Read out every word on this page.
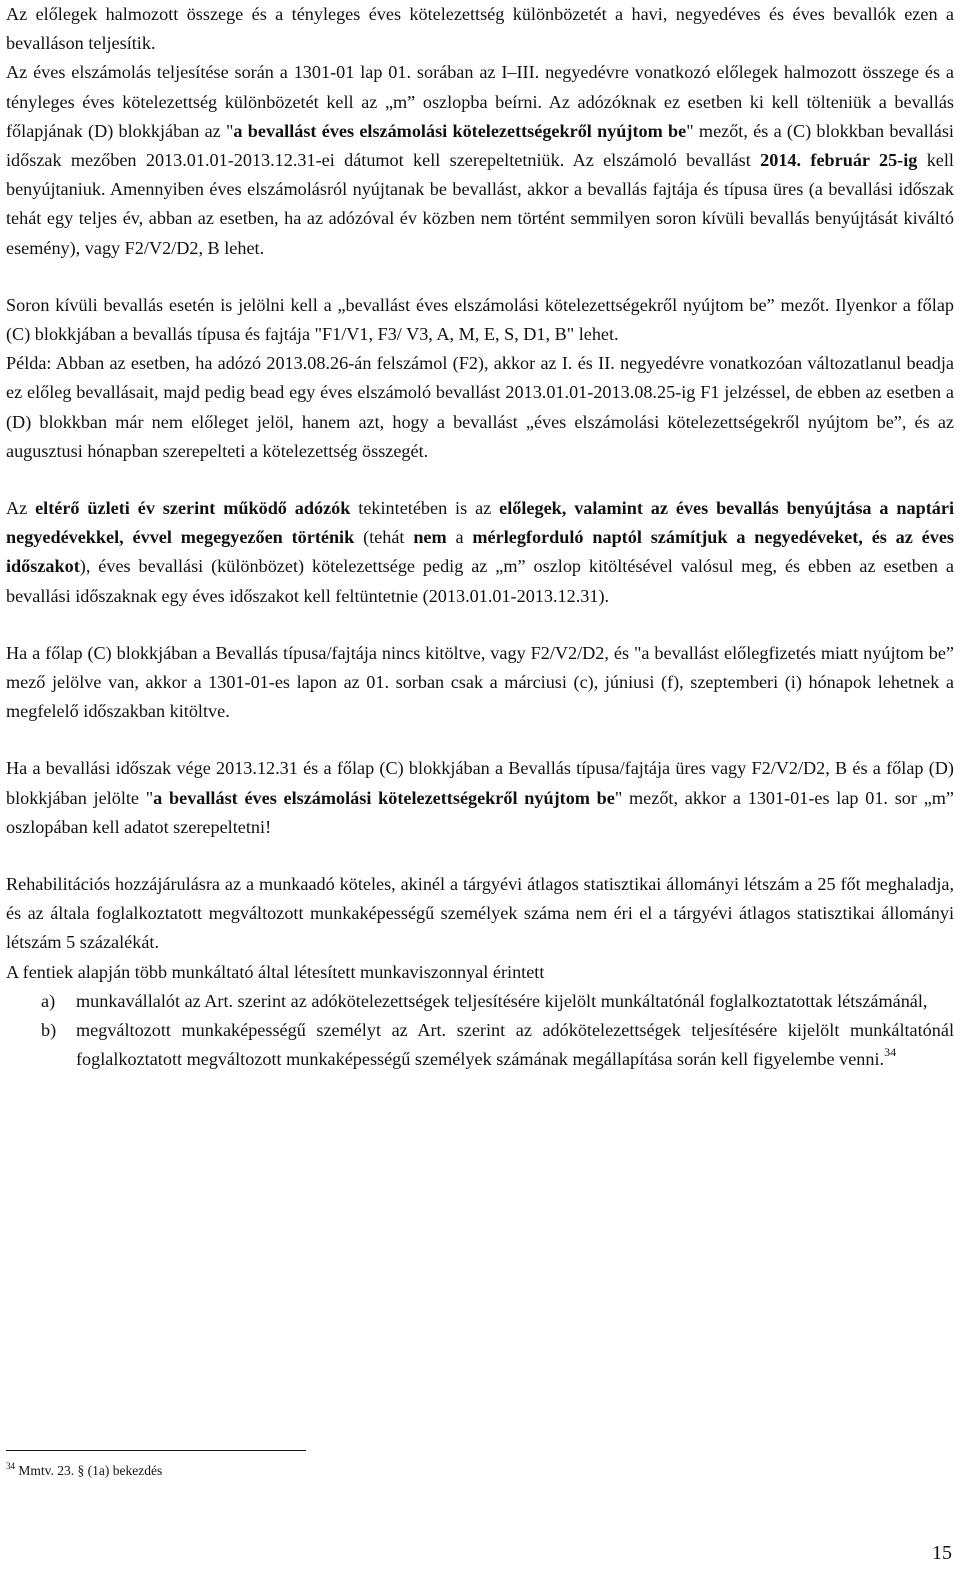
Az előlegek halmozott összege és a tényleges éves kötelezettség különbözetét a havi, negyedéves és éves bevallók ezen a bevalláson teljesítik.
Az éves elszámolás teljesítése során a 1301-01 lap 01. sorában az I–III. negyedévre vonatkozó előlegek halmozott összege és a tényleges éves kötelezettség különbözetét kell az „m” oszlopba beírni. Az adózóknak ez esetben ki kell tölteniük a bevallás főlapjának (D) blokkjában az "a bevallást éves elszámolási kötelezettségekről nyújtom be" mezőt, és a (C) blokkban bevallási időszak mezőben 2013.01.01-2013.12.31-ei dátumot kell szerepeltetniük. Az elszámoló bevallást 2014. február 25-ig kell benyújtaniuk. Amennyiben éves elszámolásról nyújtanak be bevallást, akkor a bevallás fajtája és típusa üres (a bevallási időszak tehát egy teljes év, abban az esetben, ha az adózóval év közben nem történt semmilyen soron kívüli bevallás benyújtását kiváltó esemény), vagy F2/V2/D2, B lehet.

Soron kívüli bevallás esetén is jelölni kell a „bevallást éves elszámolási kötelezettségekről nyújtom be” mezőt. Ilyenkor a főlap (C) blokkjában a bevallás típusa és fajtája "F1/V1, F3/ V3, A, M, E, S, D1, B" lehet.

Példa: Abban az esetben, ha adózó 2013.08.26-án felszámol (F2), akkor az I. és II. negyedévre vonatkozóan változatlanul beadja ez előleg bevallásait, majd pedig bead egy éves elszámoló bevallást 2013.01.01-2013.08.25-ig F1 jelzéssel, de ebben az esetben a (D) blokkban már nem előleget jelöl, hanem azt, hogy a bevallást „éves elszámolási kötelezettségekről nyújtom be”, és az augusztusi hónapban szerepelteti a kötelezettség összegét.

Az eltérő üzleti év szerint működő adózók tekintetében is az előlegek, valamint az éves bevallás benyújtása a naptári negyedévekkel, évvel megegyezően történik (tehát nem a mérlegforduló naptól számítjuk a negyedéveket, és az éves időszakot), éves bevallási (különbözet) kötelezettsége pedig az „m” oszlop kitöltésével valósul meg, és ebben az esetben a bevallási időszaknak egy éves időszakot kell feltüntetnie (2013.01.01-2013.12.31).

Ha a főlap (C) blokkjában a Bevallás típusa/fajtája nincs kitöltve, vagy F2/V2/D2, és "a bevallást előlegfizetés miatt nyújtom be” mező jelölve van, akkor a 1301-01-es lapon az 01. sorban csak a márciusi (c), júniusi (f), szeptemberi (i) hónapok lehetnek a megfelelő időszakban kitöltve.

Ha a bevallási időszak vége 2013.12.31 és a főlap (C) blokkjában a Bevallás típusa/fajtája üres vagy F2/V2/D2, B és a főlap (D) blokkjában jelölte "a bevallást éves elszámolási kötelezettségekről nyújtom be" mezőt, akkor a 1301-01-es lap 01. sor „m” oszlopában kell adatot szerepeltetni!

Rehabilitációs hozzájárulásra az a munkaadó köteles, akinél a tárgyévi átlagos statisztikai állományi létszám a 25 főt meghaladja, és az általa foglalkoztatott megváltozott munkaképességű személyek száma nem éri el a tárgyévi átlagos statisztikai állományi létszám 5 százalékát.

A fentiek alapján több munkáltató által létesített munkaviszonnyal érintett

a) munkavállalót az Art. szerint az adókötelezettségek teljesítésére kijelölt munkáltatónál foglalkoztatottak létszámánál,
b) megváltozott munkaképességű személyt az Art. szerint az adókötelezettségek teljesítésére kijelölt munkáltatónál foglalkoztatott megváltozott munkaképességű személyek számának megállapítása során kell figyelembe venni.$^{34}$
$^{34}$ Mmtv. 23. § (1a) bekezdés
15
